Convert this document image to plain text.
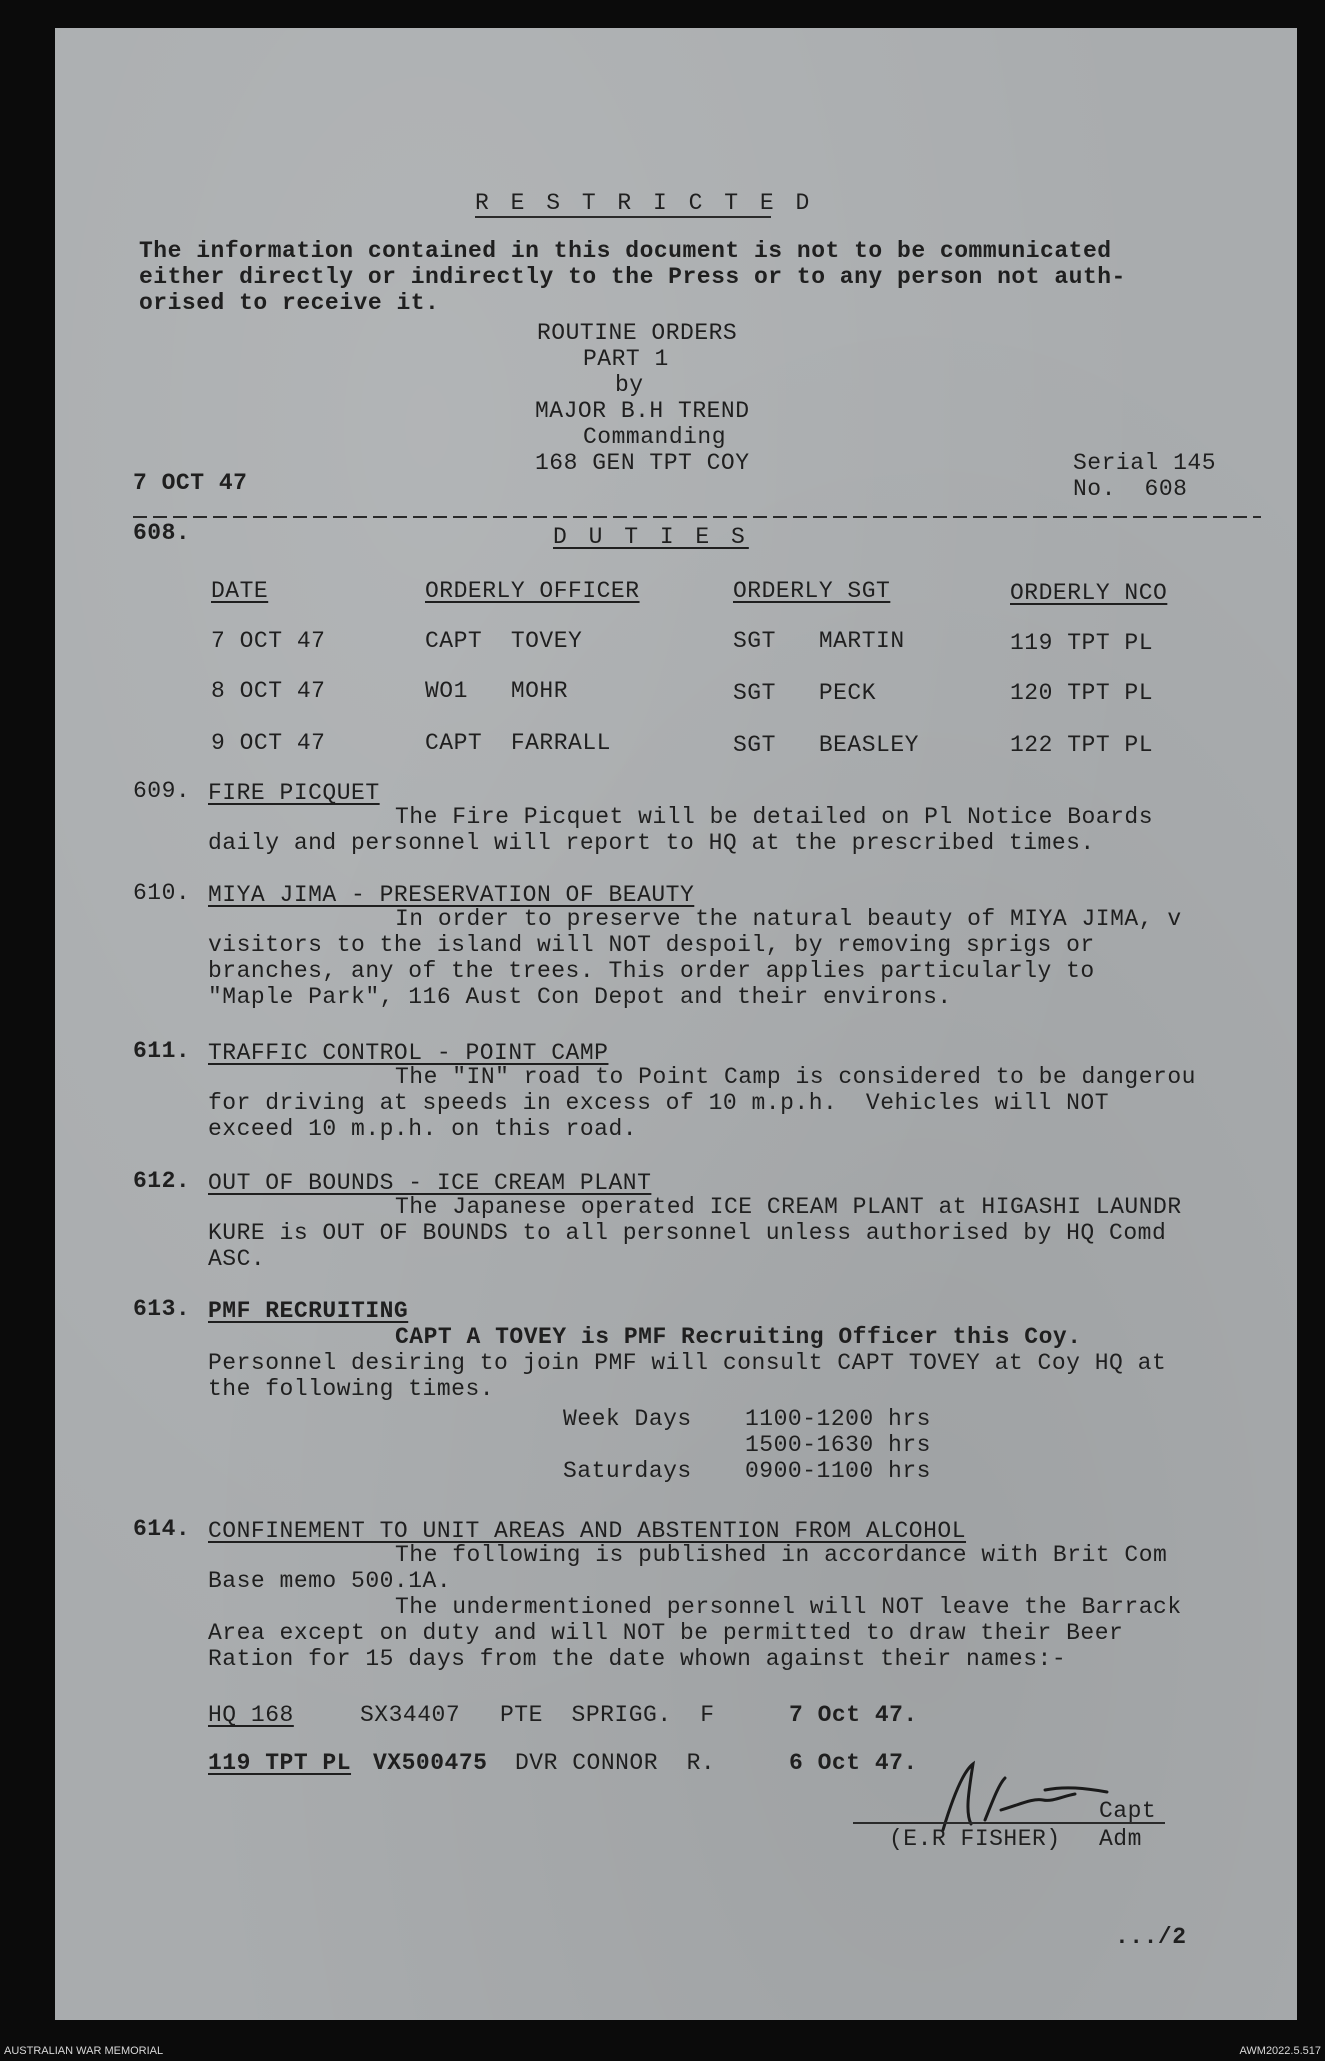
R E S T R I C T E D
The information contained in this document is not to be communicated
either directly or indirectly to the Press or to any person not auth-
orised to receive it.
ROUTINE ORDERS
PART 1
by
MAJOR B.H TREND
Commanding
168 GEN TPT COY
7 OCT 47
Serial 145
No.  608
608.	D U T I E S
DATE	ORDERLY OFFICER	ORDERLY SGT	ORDERLY NCO
7 OCT 47	CAPT  TOVEY	SGT   MARTIN	119 TPT PL
8 OCT 47	WO1   MOHR	SGT   PECK	120 TPT PL
9 OCT 47	CAPT  FARRALL	SGT   BEASLEY	122 TPT PL
609. FIRE PICQUET
The Fire Picquet will be detailed on Pl Notice Boards
daily and personnel will report to HQ at the prescribed times.
610. MIYA JIMA - PRESERVATION OF BEAUTY
In order to preserve the natural beauty of MIYA JIMA, v
visitors to the island will NOT despoil, by removing sprigs or
branches, any of the trees. This order applies particularly to
"Maple Park", 116 Aust Con Depot and their environs.
611. TRAFFIC CONTROL - POINT CAMP
The "IN" road to Point Camp is considered to be dangerou
for driving at speeds in excess of 10 m.p.h.  Vehicles will NOT
exceed 10 m.p.h. on this road.
612. OUT OF BOUNDS - ICE CREAM PLANT
The Japanese operated ICE CREAM PLANT at HIGASHI LAUNDR
KURE is OUT OF BOUNDS to all personnel unless authorised by HQ Comd
ASC.
613. PMF RECRUITING
CAPT A TOVEY is PMF Recruiting Officer this Coy.
Personnel desiring to join PMF will consult CAPT TOVEY at Coy HQ at
the following times.
Week Days 1100-1200 hrs
1500-1630 hrs
Saturdays 0900-1100 hrs
614. CONFINEMENT TO UNIT AREAS AND ABSTENTION FROM ALCOHOL
The following is published in accordance with Brit Com
Base memo 500.1A.
The undermentioned personnel will NOT leave the Barrack
Area except on duty and will NOT be permitted to draw their Beer
Ration for 15 days from the date whown against their names:-
HQ 168	SX34407 PTE  SPRIGG.  F	7 Oct 47.
119 TPT PL VX500475 DVR CONNOR  R.	6 Oct 47.
Capt
(E.R FISHER) Adm
.../2
AUSTRALIAN WAR MEMORIAL	AWM2022.5.517
